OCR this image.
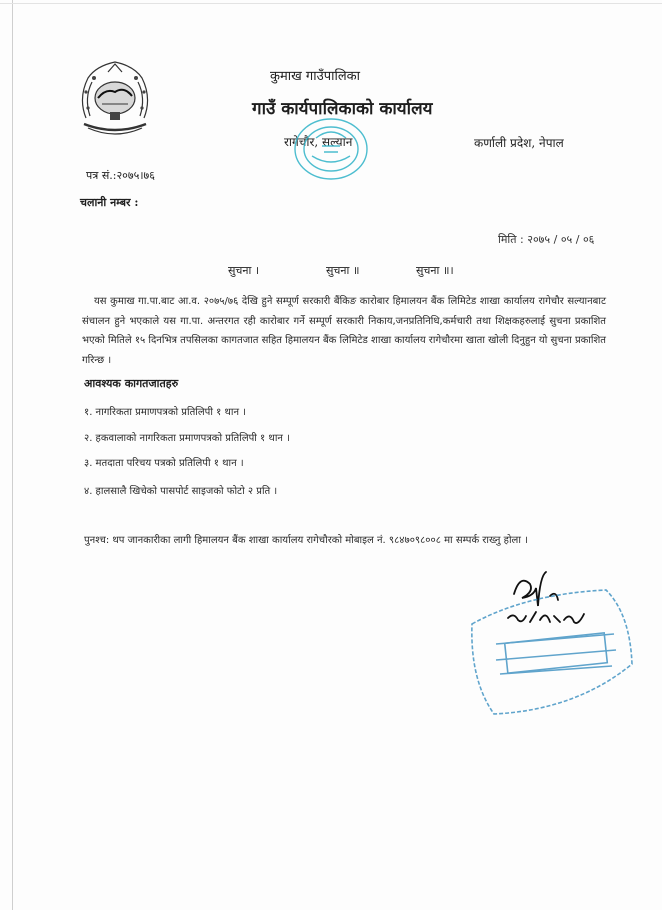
कुमाख गाउँपालिका
गाउँ कार्यपालिकाको कार्यालय
रागेचौर, सल्यान	कर्णाली प्रदेश, नेपाल
पत्र सं.:२०७५।७६
चलानी नम्बर :
मिति : २०७५ / ०५ / ०६
सुचना ।	सुचना ॥	सुचना ॥।
यस कुमाख गा.पा.बाट आ.व. २०७५/७६ देखि हुने सम्पूर्ण सरकारी बैंकिङ कारोबार हिमालयन बैंक लिमिटेड शाखा कार्यालय रागेचौर सल्यानबाट संचालन हुने भएकाले यस गा.पा. अन्तरगत रही कारोबार गर्ने सम्पूर्ण सरकारी निकाय,जनप्रतिनिधि,कर्मचारी तथा शिक्षकहरुलाई सुचना प्रकाशित भएको मितिले १५ दिनभित्र तपसिलका कागतजात सहित हिमालयन बैंक लिमिटेड शाखा कार्यालय रागेचौरमा खाता खोली दिनुहुन यो सुचना प्रकाशित गरिन्छ ।
आवश्यक कागतजातहरु
१. नागरिकता प्रमाणपत्रको प्रतिलिपी १ थान ।
२. हकवालाको नागरिकता प्रमाणपत्रको प्रतिलिपी १ थान ।
३. मतदाता परिचय पत्रको प्रतिलिपी १ थान ।
४. हालसालै खिचेको पासपोर्ट साइजको फोटो २ प्रति ।
पुनश्च: थप जानकारीका लागी हिमालयन बैंक शाखा कार्यालय रागेचौरको मोबाइल नं. ९८४७०९८००८ मा सम्पर्क राख्नु होला ।
